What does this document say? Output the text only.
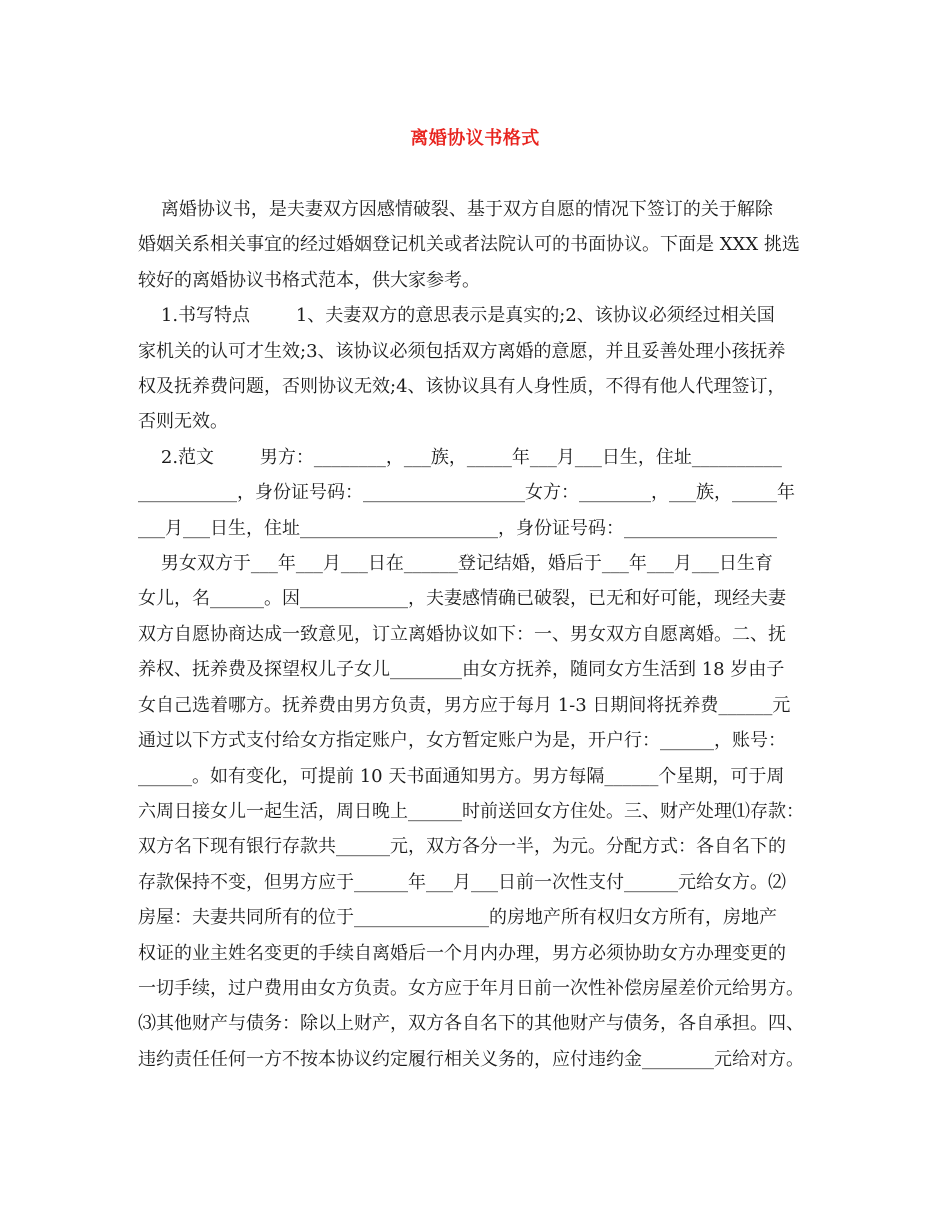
离婚协议书格式
离婚协议书，是夫妻双方因感情破裂、基于双方自愿的情况下签订的关于解除
婚姻关系相关事宜的经过婚姻登记机关或者法院认可的书面协议。下面是 XXX 挑选
较好的离婚协议书格式范本，供大家参考。
1.书写特点        1、夫妻双方的意思表示是真实的;2、该协议必须经过相关国
家机关的认可才生效;3、该协议必须包括双方离婚的意愿，并且妥善处理小孩抚养
权及抚养费问题，否则协议无效;4、该协议具有人身性质，不得有他人代理签订，
否则无效。
2.范文        男方：________，___族，_____年___月___日生，住址__________
___________，身份证号码：__________________女方：________，___族，_____年
___月___日生，住址______________________，身份证号码：_________________
男女双方于___年___月___日在______登记结婚，婚后于___年___月___日生育
女儿，名______。因____________，夫妻感情确已破裂，已无和好可能，现经夫妻
双方自愿协商达成一致意见，订立离婚协议如下：一、男女双方自愿离婚。二、抚
养权、抚养费及探望权儿子女儿________由女方抚养，随同女方生活到 18 岁由子
女自己选着哪方。抚养费由男方负责，男方应于每月 1-3 日期间将抚养费______元
通过以下方式支付给女方指定账户，女方暂定账户为是，开户行：______，账号：
______。如有变化，可提前 10 天书面通知男方。男方每隔______个星期，可于周
六周日接女儿一起生活，周日晚上______时前送回女方住处。三、财产处理⑴存款：
双方名下现有银行存款共______元，双方各分一半，为元。分配方式：各自名下的
存款保持不变，但男方应于______年___月___日前一次性支付______元给女方。⑵
房屋：夫妻共同所有的位于_______________的房地产所有权归女方所有，房地产
权证的业主姓名变更的手续自离婚后一个月内办理，男方必须协助女方办理变更的
一切手续，过户费用由女方负责。女方应于年月日前一次性补偿房屋差价元给男方。
⑶其他财产与债务：除以上财产，双方各自名下的其他财产与债务，各自承担。四、
违约责任任何一方不按本协议约定履行相关义务的，应付违约金________元给对方。
